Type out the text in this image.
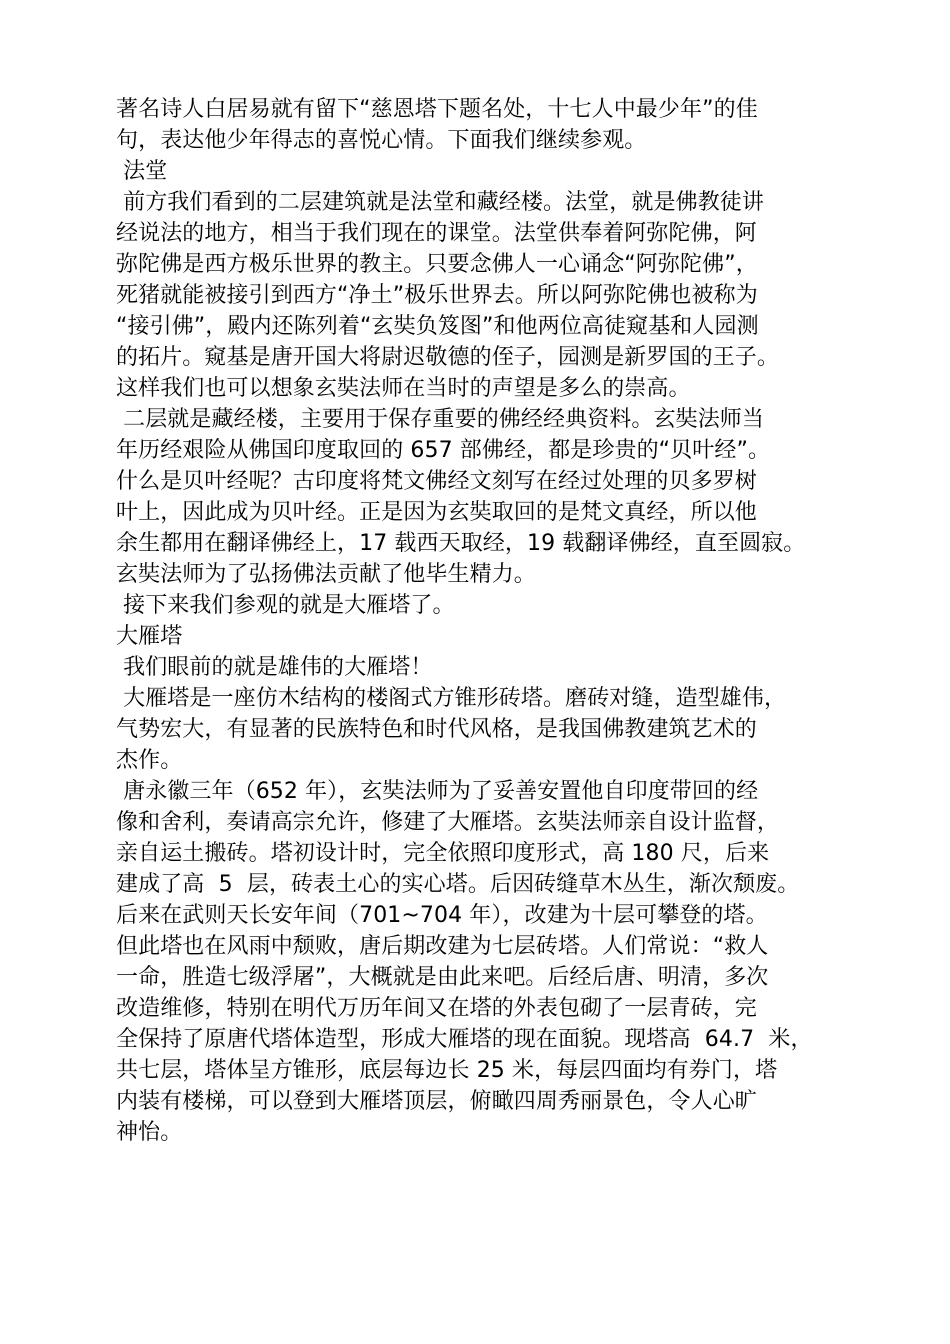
著名诗人白居易就有留下“慈恩塔下题名处，十七人中最少年”的佳
句，表达他少年得志的喜悦心情。下面我们继续参观。
法堂
前方我们看到的二层建筑就是法堂和藏经楼。法堂，就是佛教徒讲
经说法的地方，相当于我们现在的课堂。法堂供奉着阿弥陀佛，阿
弥陀佛是西方极乐世界的教主。只要念佛人一心诵念“阿弥陀佛”，
死猪就能被接引到西方“净土”极乐世界去。所以阿弥陀佛也被称为
“接引佛”，殿内还陈列着“玄奘负笈图”和他两位高徒窥基和人园测
的拓片。窥基是唐开国大将尉迟敬德的侄子，园测是新罗国的王子。
这样我们也可以想象玄奘法师在当时的声望是多么的崇高。
二层就是藏经楼，主要用于保存重要的佛经经典资料。玄奘法师当
年历经艰险从佛国印度取回的 657 部佛经，都是珍贵的“贝叶经”。
什么是贝叶经呢？古印度将梵文佛经文刻写在经过处理的贝多罗树
叶上，因此成为贝叶经。正是因为玄奘取回的是梵文真经，所以他
余生都用在翻译佛经上，17 载西天取经，19 载翻译佛经，直至圆寂。
玄奘法师为了弘扬佛法贡献了他毕生精力。
接下来我们参观的就是大雁塔了。
大雁塔
我们眼前的就是雄伟的大雁塔！
大雁塔是一座仿木结构的楼阁式方锥形砖塔。磨砖对缝，造型雄伟，
气势宏大，有显著的民族特色和时代风格，是我国佛教建筑艺术的
杰作。
唐永徽三年（652 年），玄奘法师为了妥善安置他自印度带回的经
像和舍利，奏请高宗允许，修建了大雁塔。玄奘法师亲自设计监督，
亲自运土搬砖。塔初设计时，完全依照印度形式，高 180 尺，后来
建成了高  5  层，砖表土心的实心塔。后因砖缝草木丛生，渐次颓废。
后来在武则天长安年间（701~704 年），改建为十层可攀登的塔。
但此塔也在风雨中颓败，唐后期改建为七层砖塔。人们常说：“救人
一命，胜造七级浮屠”，大概就是由此来吧。后经后唐、明清，多次
改造维修，特别在明代万历年间又在塔的外表包砌了一层青砖，完
全保持了原唐代塔体造型，形成大雁塔的现在面貌。现塔高  64.7  米，
共七层，塔体呈方锥形，底层每边长 25 米，每层四面均有券门，塔
内装有楼梯，可以登到大雁塔顶层，俯瞰四周秀丽景色，令人心旷
神怡。
